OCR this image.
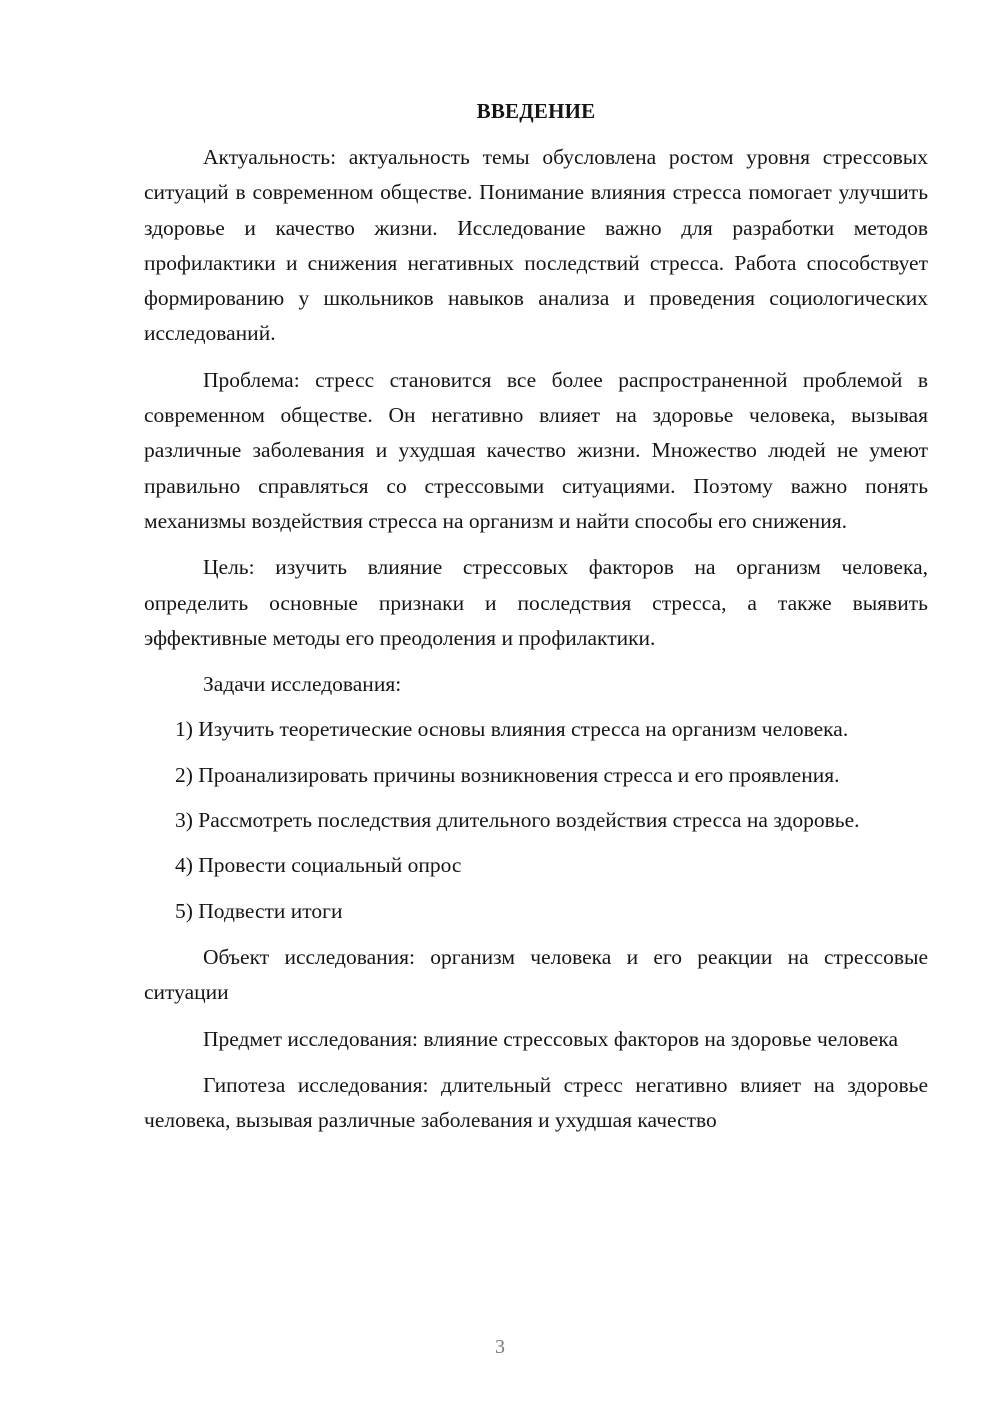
ВВЕДЕНИЕ

Актуальность: актуальность темы обусловлена ростом уровня стрессовых ситуаций в современном обществе. Понимание влияния стресса помогает улучшить здоровье и качество жизни. Исследование важно для разработки методов профилактики и снижения негативных последствий стресса. Работа способствует формированию у школьников навыков анализа и проведения социологических исследований.

Проблема: стресс становится все более распространенной проблемой в современном обществе. Он негативно влияет на здоровье человека, вызывая различные заболевания и ухудшая качество жизни. Множество людей не умеют правильно справляться со стрессовыми ситуациями. Поэтому важно понять механизмы воздействия стресса на организм и найти способы его снижения.

Цель: изучить влияние стрессовых факторов на организм человека, определить основные признаки и последствия стресса, а также выявить эффективные методы его преодоления и профилактики.

Задачи исследования:

1) Изучить теоретические основы влияния стресса на организм человека.

2) Проанализировать причины возникновения стресса и его проявления.

3) Рассмотреть последствия длительного воздействия стресса на здоровье.

4) Провести социальный опрос

5) Подвести итоги

Объект исследования: организм человека и его реакции на стрессовые ситуации

Предмет исследования: влияние стрессовых факторов на здоровье человека

Гипотеза исследования: длительный стресс негативно влияет на здоровье человека, вызывая различные заболевания и ухудшая качество

3
